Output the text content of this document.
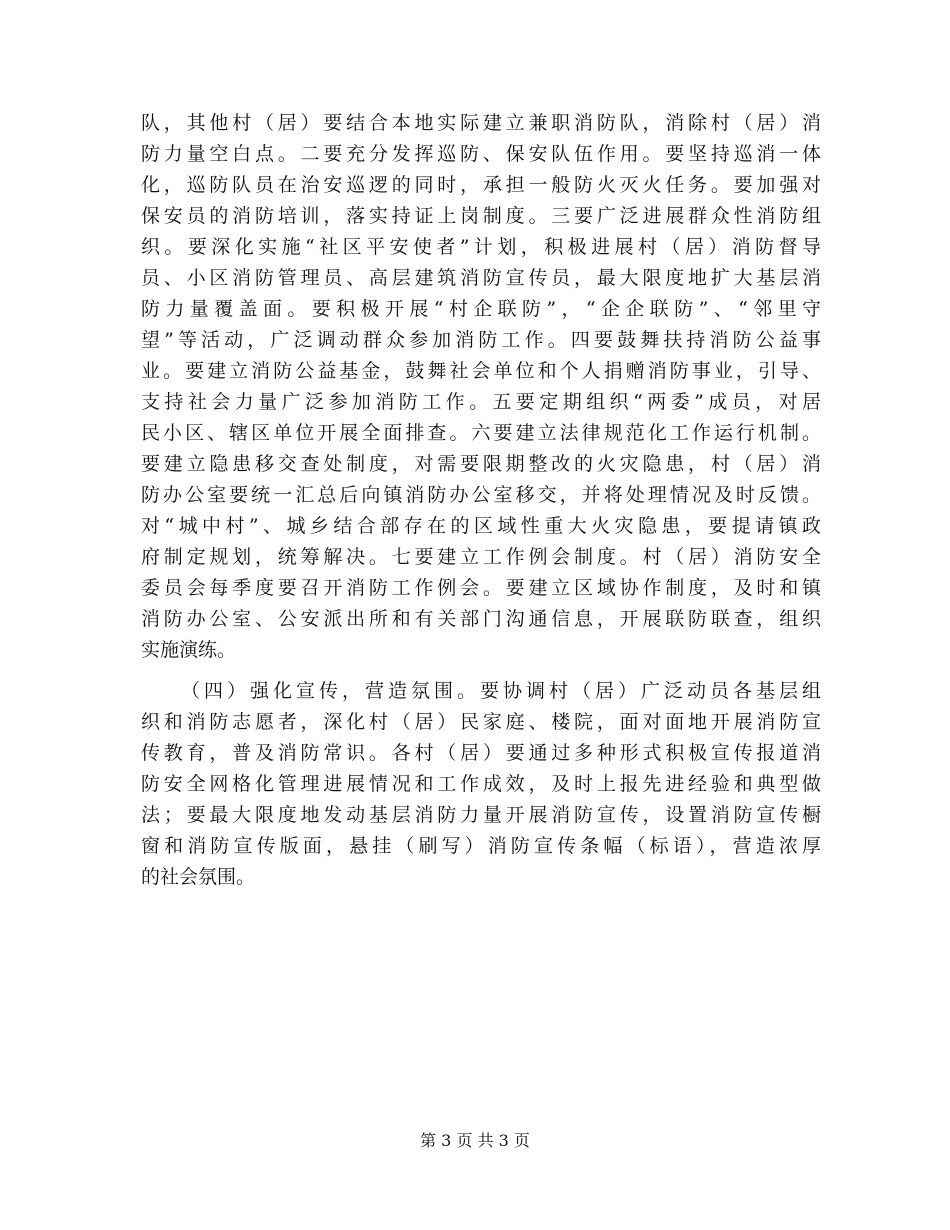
队，其他村（居）要结合本地实际建立兼职消防队，消除村（居）消
防力量空白点。二要充分发挥巡防、保安队伍作用。要坚持巡消一体
化，巡防队员在治安巡逻的同时，承担一般防火灭火任务。要加强对
保安员的消防培训，落实持证上岗制度。三要广泛进展群众性消防组
织。要深化实施“社区平安使者”计划，积极进展村（居）消防督导
员、小区消防管理员、高层建筑消防宣传员，最大限度地扩大基层消
防力量覆盖面。要积极开展“村企联防”，“企企联防”、“邻里守
望”等活动，广泛调动群众参加消防工作。四要鼓舞扶持消防公益事
业。要建立消防公益基金，鼓舞社会单位和个人捐赠消防事业，引导、
支持社会力量广泛参加消防工作。五要定期组织“两委”成员，对居
民小区、辖区单位开展全面排查。六要建立法律规范化工作运行机制。
要建立隐患移交查处制度，对需要限期整改的火灾隐患，村（居）消
防办公室要统一汇总后向镇消防办公室移交，并将处理情况及时反馈。
对“城中村”、城乡结合部存在的区域性重大火灾隐患，要提请镇政
府制定规划，统筹解决。七要建立工作例会制度。村（居）消防安全
委员会每季度要召开消防工作例会。要建立区域协作制度，及时和镇
消防办公室、公安派出所和有关部门沟通信息，开展联防联查，组织
实施演练。
（四）强化宣传，营造氛围。要协调村（居）广泛动员各基层组
织和消防志愿者，深化村（居）民家庭、楼院，面对面地开展消防宣
传教育，普及消防常识。各村（居）要通过多种形式积极宣传报道消
防安全网格化管理进展情况和工作成效，及时上报先进经验和典型做
法；要最大限度地发动基层消防力量开展消防宣传，设置消防宣传橱
窗和消防宣传版面，悬挂（刷写）消防宣传条幅（标语），营造浓厚
的社会氛围。
第 3 页 共 3 页
